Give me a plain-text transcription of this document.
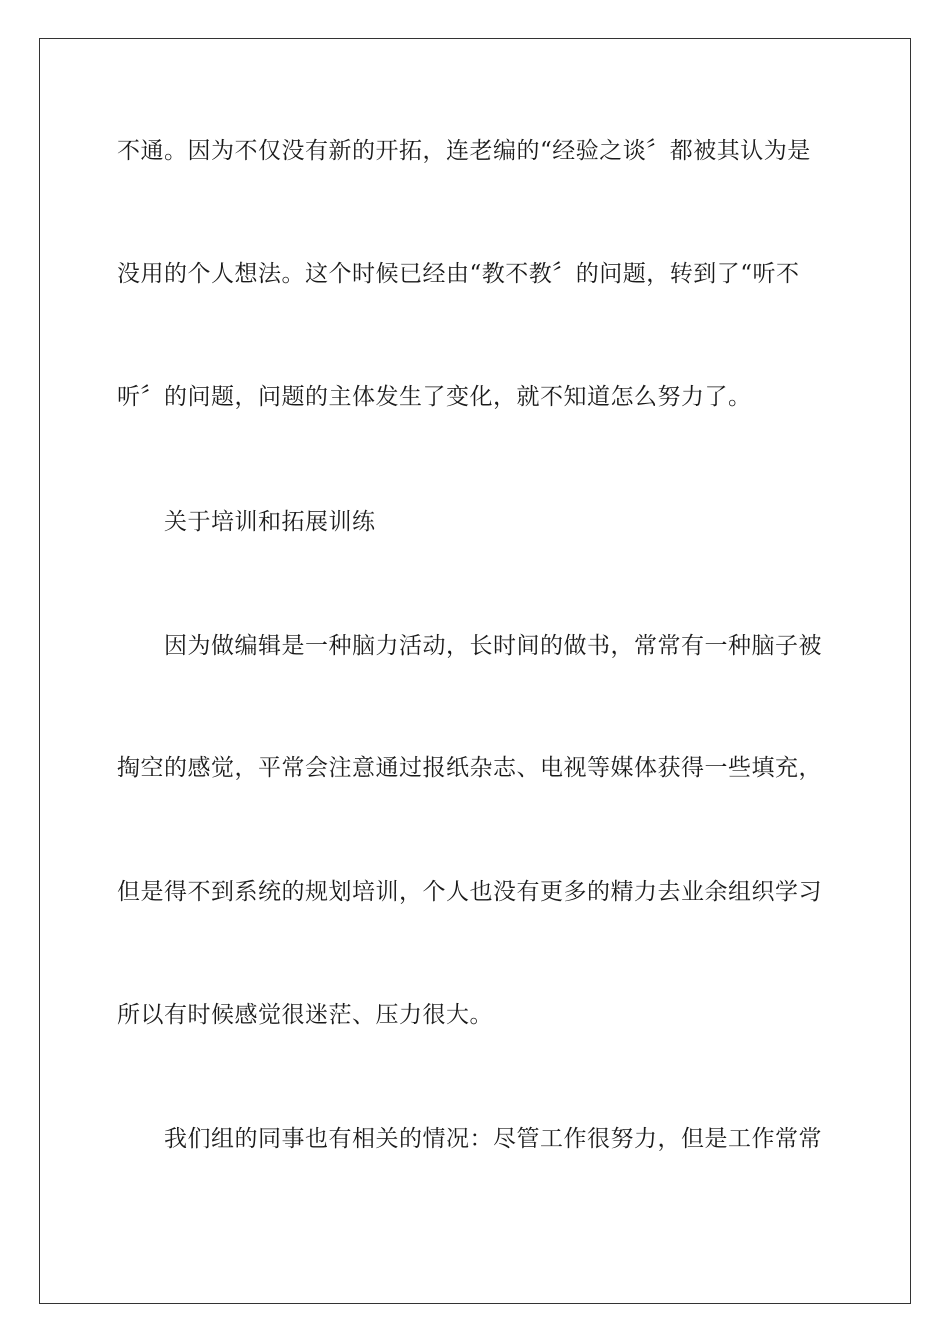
不通。因为不仅没有新的开拓，连老编的“经验之谈〞都被其认为是
没用的个人想法。这个时候已经由“教不教〞的问题，转到了“听不
听〞的问题，问题的主体发生了变化，就不知道怎么努力了。
关于培训和拓展训练
因为做编辑是一种脑力活动，长时间的做书，常常有一种脑子被
掏空的感觉，平常会注意通过报纸杂志、电视等媒体获得一些填充，
但是得不到系统的规划培训，个人也没有更多的精力去业余组织学习
所以有时候感觉很迷茫、压力很大。
我们组的同事也有相关的情况：尽管工作很努力，但是工作常常
